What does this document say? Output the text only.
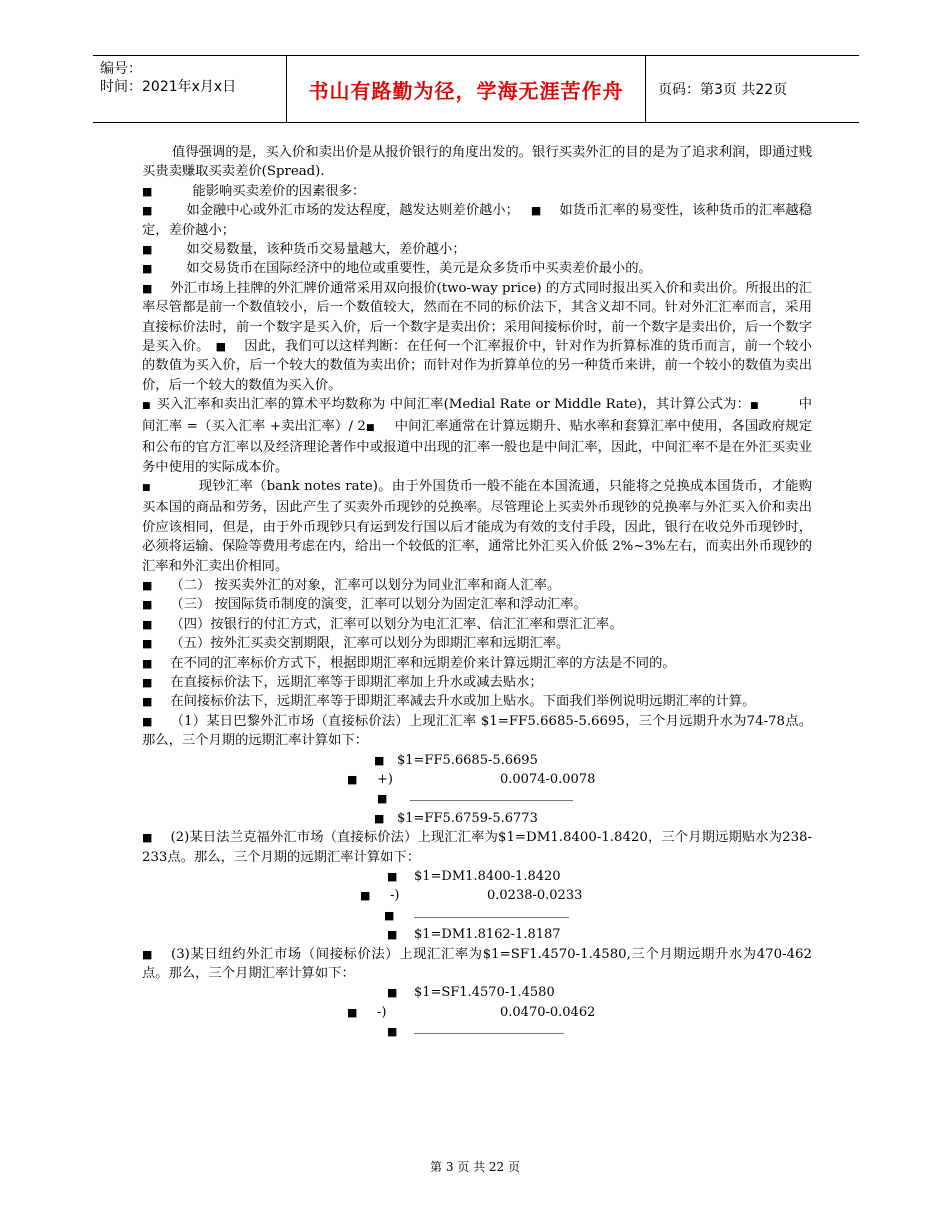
编号：
时间：2021年x月x日	书山有路勤为径，学海无涯苦作舟	页码：第3页 共22页

值得强调的是，买入价和卖出价是从报价银行的角度出发的。银行买卖外汇的目的是为了追求利润，即通过贱买贵卖赚取买卖差价(Spread).

■	能影响买卖差价的因素很多：

■	如金融中心或外汇市场的发达程度，越发达则差价越小； ■ 如货币汇率的易变性，该种货币的汇率越稳定，差价越小；

■	如交易数量，该种货币交易量越大，差价越小；

■	如交易货币在国际经济中的地位或重要性，美元是众多货币中买卖差价最小的。

■ 外汇市场上挂牌的外汇牌价通常采用双向报价(two-way price) 的方式同时报出买入价和卖出价。所报出的汇率尽管都是前一个数值较小，后一个数值较大，然而在不同的标价法下，其含义却不同。针对外汇汇率而言，采用直接标价法时，前一个数字是买入价，后一个数字是卖出价；采用间接标价时，前一个数字是卖出价，后一个数字是买入价。 ■ 因此，我们可以这样判断：在任何一个汇率报价中，针对作为折算标准的货币而言，前一个较小的数值为买入价，后一个较大的数值为卖出价；而针对作为折算单位的另一种货币来讲，前一个较小的数值为卖出价，后一个较大的数值为买入价。

■ 买入汇率和卖出汇率的算术平均数称为 中间汇率(Medial Rate or Middle Rate)，其计算公式为：■	中间汇率 =（买入汇率 +卖出汇率）/ 2■ 中间汇率通常在计算远期升、贴水率和套算汇率中使用，各国政府规定和公布的官方汇率以及经济理论著作中或报道中出现的汇率一般也是中间汇率，因此，中间汇率不是在外汇买卖业务中使用的实际成本价。

■	现钞汇率（bank notes rate)。由于外国货币一般不能在本国流通，只能将之兑换成本国货币，才能购买本国的商品和劳务，因此产生了买卖外币现钞的兑换率。尽管理论上买卖外币现钞的兑换率与外汇买入价和卖出价应该相同，但是，由于外币现钞只有运到发行国以后才能成为有效的支付手段，因此，银行在收兑外币现钞时，必须将运输、保险等费用考虑在内，给出一个较低的汇率，通常比外汇买入价低 2%~3%左右，而卖出外币现钞的汇率和外汇卖出价相同。

■ （二） 按买卖外汇的对象，汇率可以划分为同业汇率和商人汇率。

■ （三） 按国际货币制度的演变，汇率可以划分为固定汇率和浮动汇率。

■ （四）按银行的付汇方式，汇率可以划分为电汇汇率、信汇汇率和票汇汇率。

■ （五）按外汇买卖交割期限，汇率可以划分为即期汇率和远期汇率。

■ 在不同的汇率标价方式下，根据即期汇率和远期差价来计算远期汇率的方法是不同的。

■ 在直接标价法下，远期汇率等于即期汇率加上升水或减去贴水；

■ 在间接标价法下，远期汇率等于即期汇率减去升水或加上贴水。下面我们举例说明远期汇率的计算。

■ （1）某日巴黎外汇市场（直接标价法）上现汇汇率 $1=FF5.6685-5.6695，三个月远期升水为74-78点。那么，三个月期的远期汇率计算如下：

■ $1=FF5.6685-5.6695
■ +)	0.0074-0.0078
■
■ $1=FF5.6759-5.6773

■ (2)某日法兰克福外汇市场（直接标价法）上现汇汇率为$1=DM1.8400-1.8420，三个月期远期贴水为238-233点。那么，三个月期的远期汇率计算如下：

■ $1=DM1.8400-1.8420
■ -)	0.0238-0.0233
■
■ $1=DM1.8162-1.8187

■ (3)某日纽约外汇市场（间接标价法）上现汇汇率为$1=SF1.4570-1.4580,三个月期远期升水为470-462点。那么，三个月期汇率计算如下：

■ $1=SF1.4570-1.4580
■ -)	0.0470-0.0462
■
第 3 页 共 22 页
